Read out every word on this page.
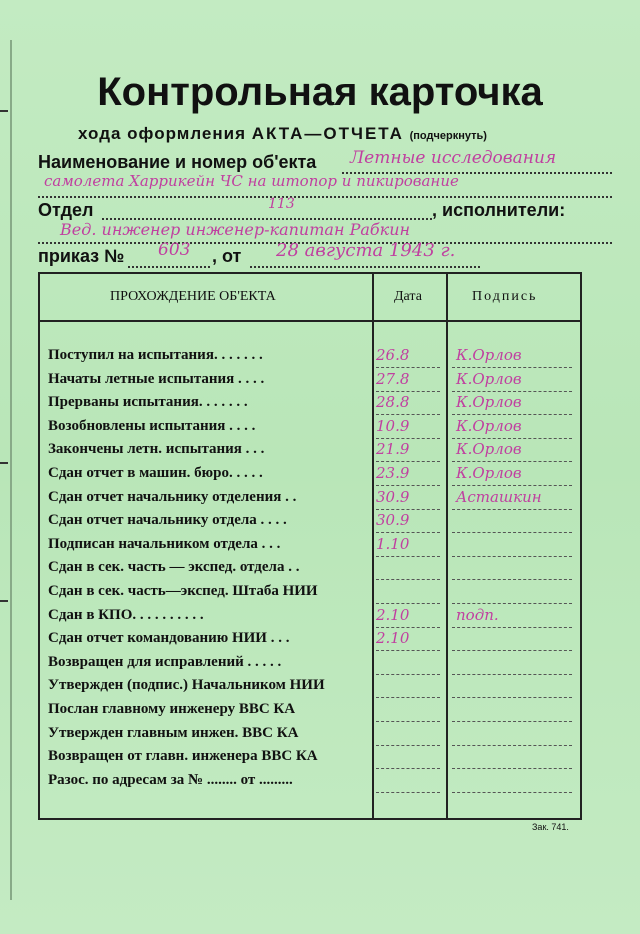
Контрольная карточка
хода оформления АКТА—ОТЧЕТА (подчеркнуть)
Наименование и номер об'екта Летные исследования
самолета Харрикейн ЧС на штопор и пикирование
Отдел	113	, исполнители:
Вед. инженер инженер-капитан Рабкин
приказ № 603 , от 28 августа 1943 г.
ПРОХОЖДЕНИЕ ОБ'ЕКТА	Дата	Подпись
Поступил на испытания. . . . . . .	26.8	К.Орлов
Начаты летные испытания . . . .	27.8	К.Орлов
Прерваны испытания. . . . . . .	28.8	К.Орлов
Возобновлены испытания . . . .	10.9	К.Орлов
Закончены летн. испытания . . .	21.9	К.Орлов
Сдан отчет в машин. бюро. . . . .	23.9	К.Орлов
Сдан отчет начальнику отделения . .	30.9	Асташкин
Сдан отчет начальнику отдела . . . .	30.9
Подписан начальником отдела . . .	1.10
Сдан в сек. часть — экспед. отдела . .
Сдан в сек. часть—экспед. Штаба НИИ
Сдан в КПО. . . . . . . . . .	2.10	подп.
Сдан отчет командованию НИИ . . .	2.10
Возвращен для исправлений . . . . .
Утвержден (подпис.) Начальником НИИ
Послан главному инженеру ВВС КА
Утвержден главным инжен. ВВС КА
Возвращен от главн. инженера ВВС КА
Разос. по адресам за № ........ от .........
Зак. 741.
